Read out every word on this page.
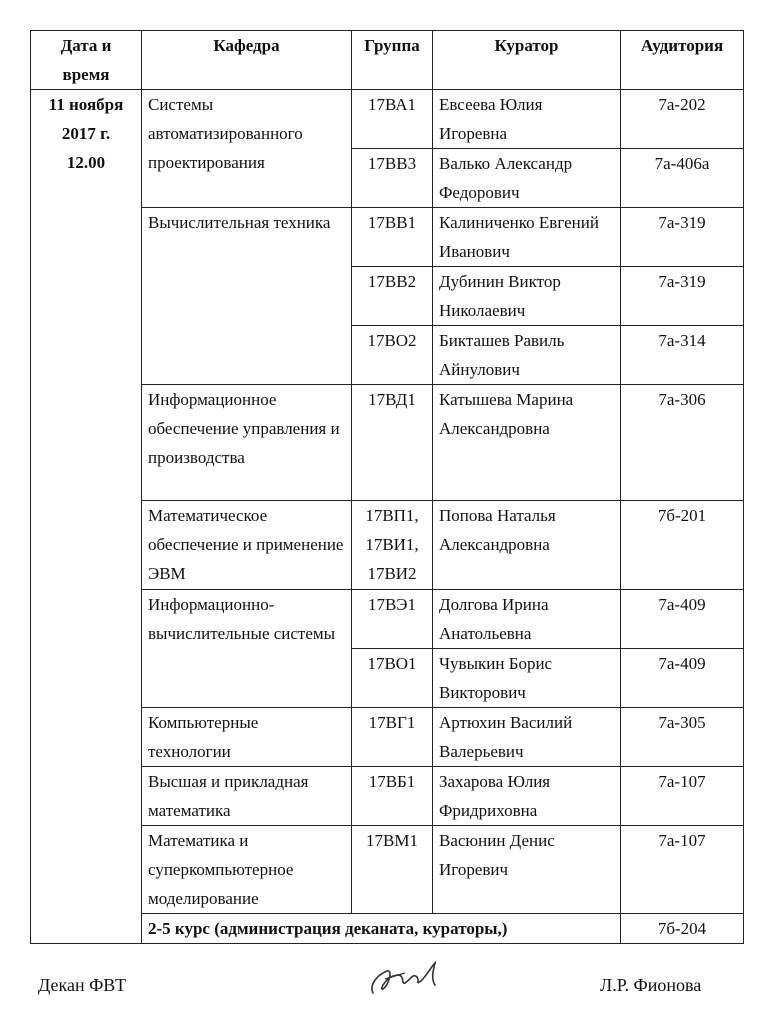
Дата и время	Кафедра	Группа	Куратор	Аудитория

11 ноября
2017 г.
12.00	Системы автоматизированного проектирования	17ВА1	Евсеева Юлия Игоревна	7а-202
		17ВВ3	Валько Александр Федорович	7а-406а
	Вычислительная техника	17ВВ1	Калиниченко Евгений Иванович	7а-319
		17ВВ2	Дубинин Виктор Николаевич	7а-319
		17ВО2	Бикташев Равиль Айнулович	7а-314
	Информационное обеспечение управления и производства	17ВД1	Катышева Марина Александровна	7а-306
	Математическое обеспечение и применение ЭВМ	17ВП1, 17ВИ1, 17ВИ2	Попова Наталья Александровна	7б-201
	Информационно-вычислительные системы	17ВЭ1	Долгова Ирина Анатольевна	7а-409
		17ВО1	Чувыкин Борис Викторович	7а-409
	Компьютерные технологии	17ВГ1	Артюхин Василий Валерьевич	7а-305
	Высшая и прикладная математика	17ВБ1	Захарова Юлия Фридриховна	7а-107
	Математика и суперкомпьютерное моделирование	17ВМ1	Васюнин Денис Игоревич	7а-107
	2-5 курс (администрация деканата, кураторы,)			7б-204
Декан ФВТ	Л.Р. Фионова
